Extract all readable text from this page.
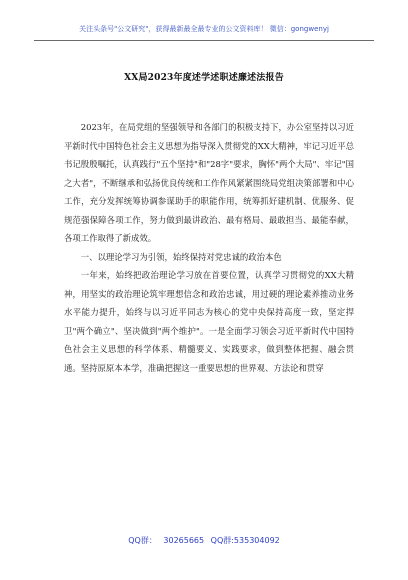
关注头条号"公文研究"，获得最新最全最专业的公文资料库！ 微信：gongwenyj
XX局2023年度述学述职述廉述法报告

2023年，在局党组的坚强领导和各部门的积极支持下，办公室坚持以习近平新时代中国特色社会主义思想为指导深入贯彻党的XX大精神，牢记习近平总书记殷殷嘱托，认真践行"五个坚持"和"28字"要求，胸怀"两个大局"、牢记"国之大者"，不断继承和弘扬优良传统和工作作风紧紧围绕局党组决策部署和中心工作，充分发挥统筹协调参谋助手的职能作用，统筹抓好建机制、优服务、促规范强保障各项工作，努力做到最讲政治、最有格局、最敢担当、最能奉献，各项工作取得了新成效。

一、以理论学习为引领，始终保持对党忠诚的政治本色

一年来，始终把政治理论学习放在首要位置，认真学习贯彻党的XX大精神，用坚实的政治理论筑牢理想信念和政治忠诚，用过硬的理论素养推动业务水平能力提升，始终与以习近平同志为核心的党中央保持高度一致，坚定捍卫"两个确立"、坚决做到"两个维护"。一是全面学习领会习近平新时代中国特色社会主义思想的科学体系、精髓要义、实践要求，做到整体把握、融会贯通。坚持原原本本学，准确把握这一重要思想的世界观、方法论和贯穿

QQ群： 30265665 QQ群:535304092
